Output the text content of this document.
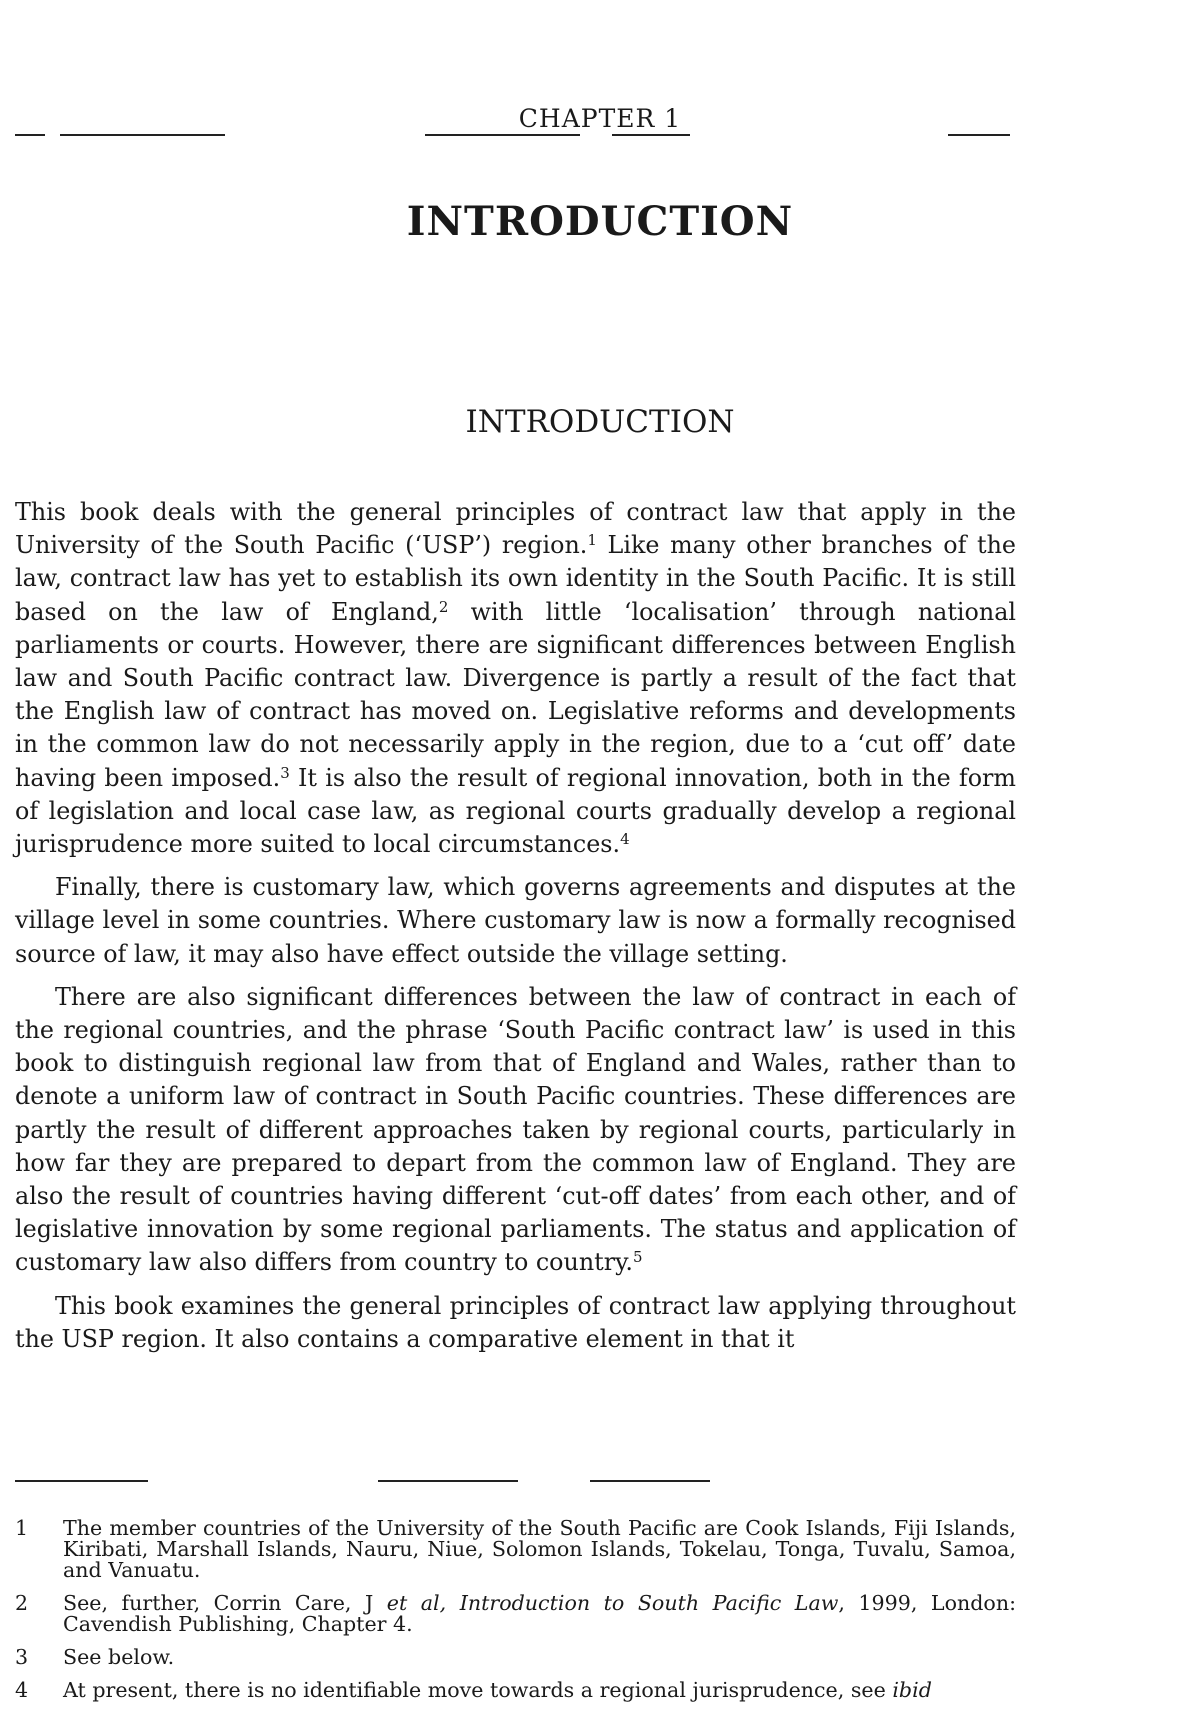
CHAPTER 1
INTRODUCTION
INTRODUCTION

This book deals with the general principles of contract law that apply in the University of the South Pacific (‘USP’) region.$^1$ Like many other branches of the law, contract law has yet to establish its own identity in the South Pacific. It is still based on the law of England,$^2$ with little ‘localisation’ through national parliaments or courts. However, there are significant differences between English law and South Pacific contract law. Divergence is partly a result of the fact that the English law of contract has moved on. Legislative reforms and developments in the common law do not necessarily apply in the region, due to a ‘cut off’ date having been imposed.$^3$ It is also the result of regional innovation, both in the form of legislation and local case law, as regional courts gradually develop a regional jurisprudence more suited to local circumstances.$^4$

Finally, there is customary law, which governs agreements and disputes at the village level in some countries. Where customary law is now a formally recognised source of law, it may also have effect outside the village setting.

There are also significant differences between the law of contract in each of the regional countries, and the phrase ‘South Pacific contract law’ is used in this book to distinguish regional law from that of England and Wales, rather than to denote a uniform law of contract in South Pacific countries. These differences are partly the result of different approaches taken by regional courts, particularly in how far they are prepared to depart from the common law of England. They are also the result of countries having different ‘cut-off dates’ from each other, and of legislative innovation by some regional parliaments. The status and application of customary law also differs from country to country.$^5$

This book examines the general principles of contract law applying throughout the USP region. It also contains a comparative element in that it

1	The member countries of the University of the South Pacific are Cook Islands, Fiji Islands, Kiribati, Marshall Islands, Nauru, Niue, Solomon Islands, Tokelau, Tonga, Tuvalu, Samoa, and Vanuatu.
2	See, further, Corrin Care, J et al, Introduction to South Pacific Law, 1999, London: Cavendish Publishing, Chapter 4.
3	See below.
4	At present, there is no identifiable move towards a regional jurisprudence, see ibid
